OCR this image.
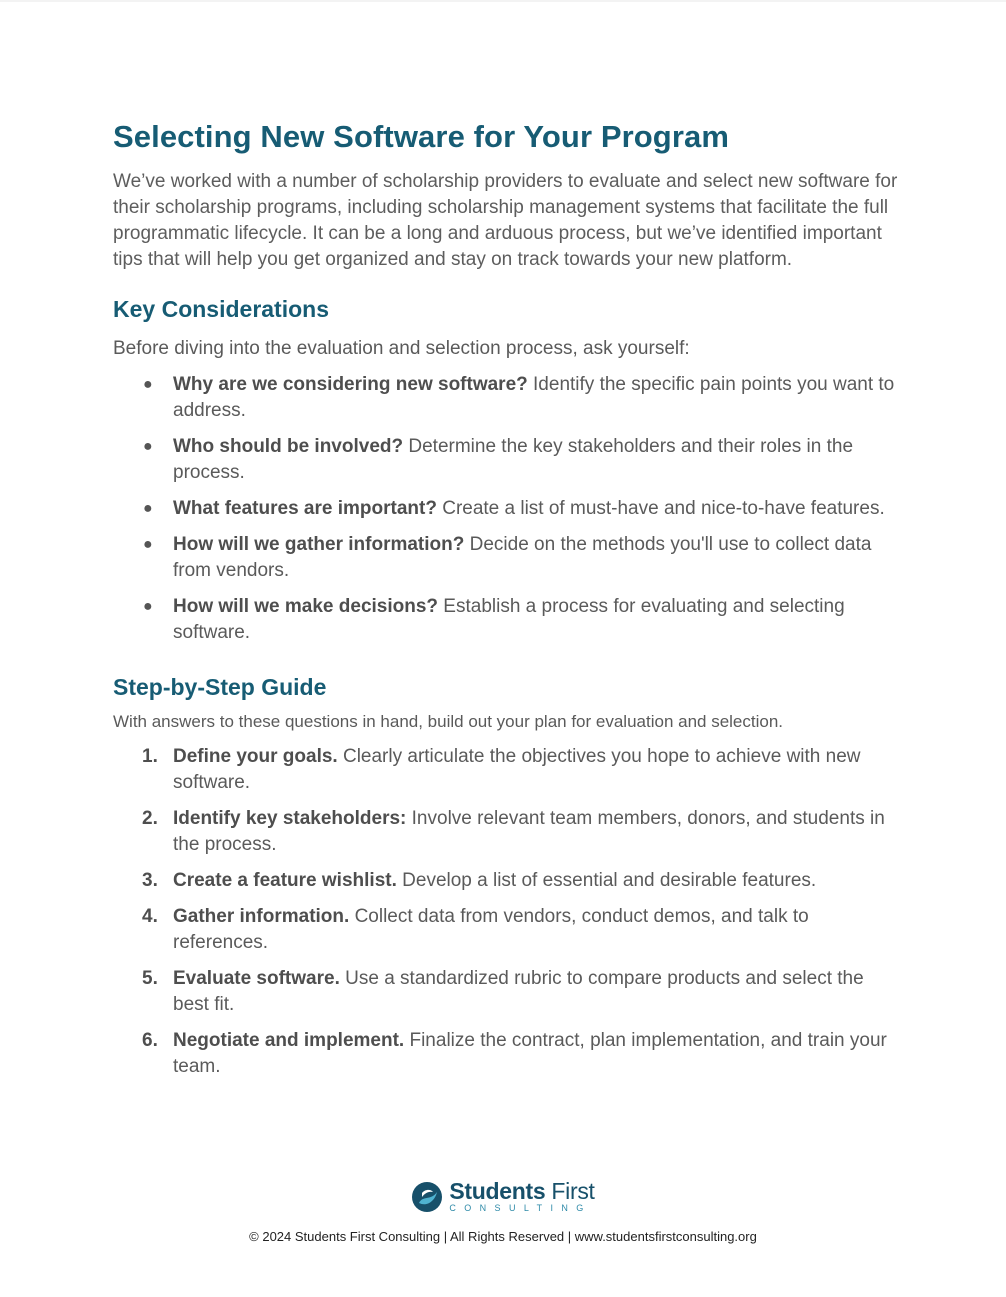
Selecting New Software for Your Program

We’ve worked with a number of scholarship providers to evaluate and select new software for their scholarship programs, including scholarship management systems that facilitate the full programmatic lifecycle. It can be a long and arduous process, but we’ve identified important tips that will help you get organized and stay on track towards your new platform.

Key Considerations

Before diving into the evaluation and selection process, ask yourself:

● Why are we considering new software? Identify the specific pain points you want to address.
● Who should be involved? Determine the key stakeholders and their roles in the process.
● What features are important? Create a list of must-have and nice-to-have features.
● How will we gather information? Decide on the methods you'll use to collect data from vendors.
● How will we make decisions? Establish a process for evaluating and selecting software.
Step-by-Step Guide

With answers to these questions in hand, build out your plan for evaluation and selection.

1. Define your goals. Clearly articulate the objectives you hope to achieve with new software.
2. Identify key stakeholders: Involve relevant team members, donors, and students in the process.
3. Create a feature wishlist. Develop a list of essential and desirable features.
4. Gather information. Collect data from vendors, conduct demos, and talk to references.
5. Evaluate software. Use a standardized rubric to compare products and select the best fit.
6. Negotiate and implement. Finalize the contract, plan implementation, and train your team.
Students First
CONSULTING
© 2024 Students First Consulting | All Rights Reserved | www.studentsfirstconsulting.org
